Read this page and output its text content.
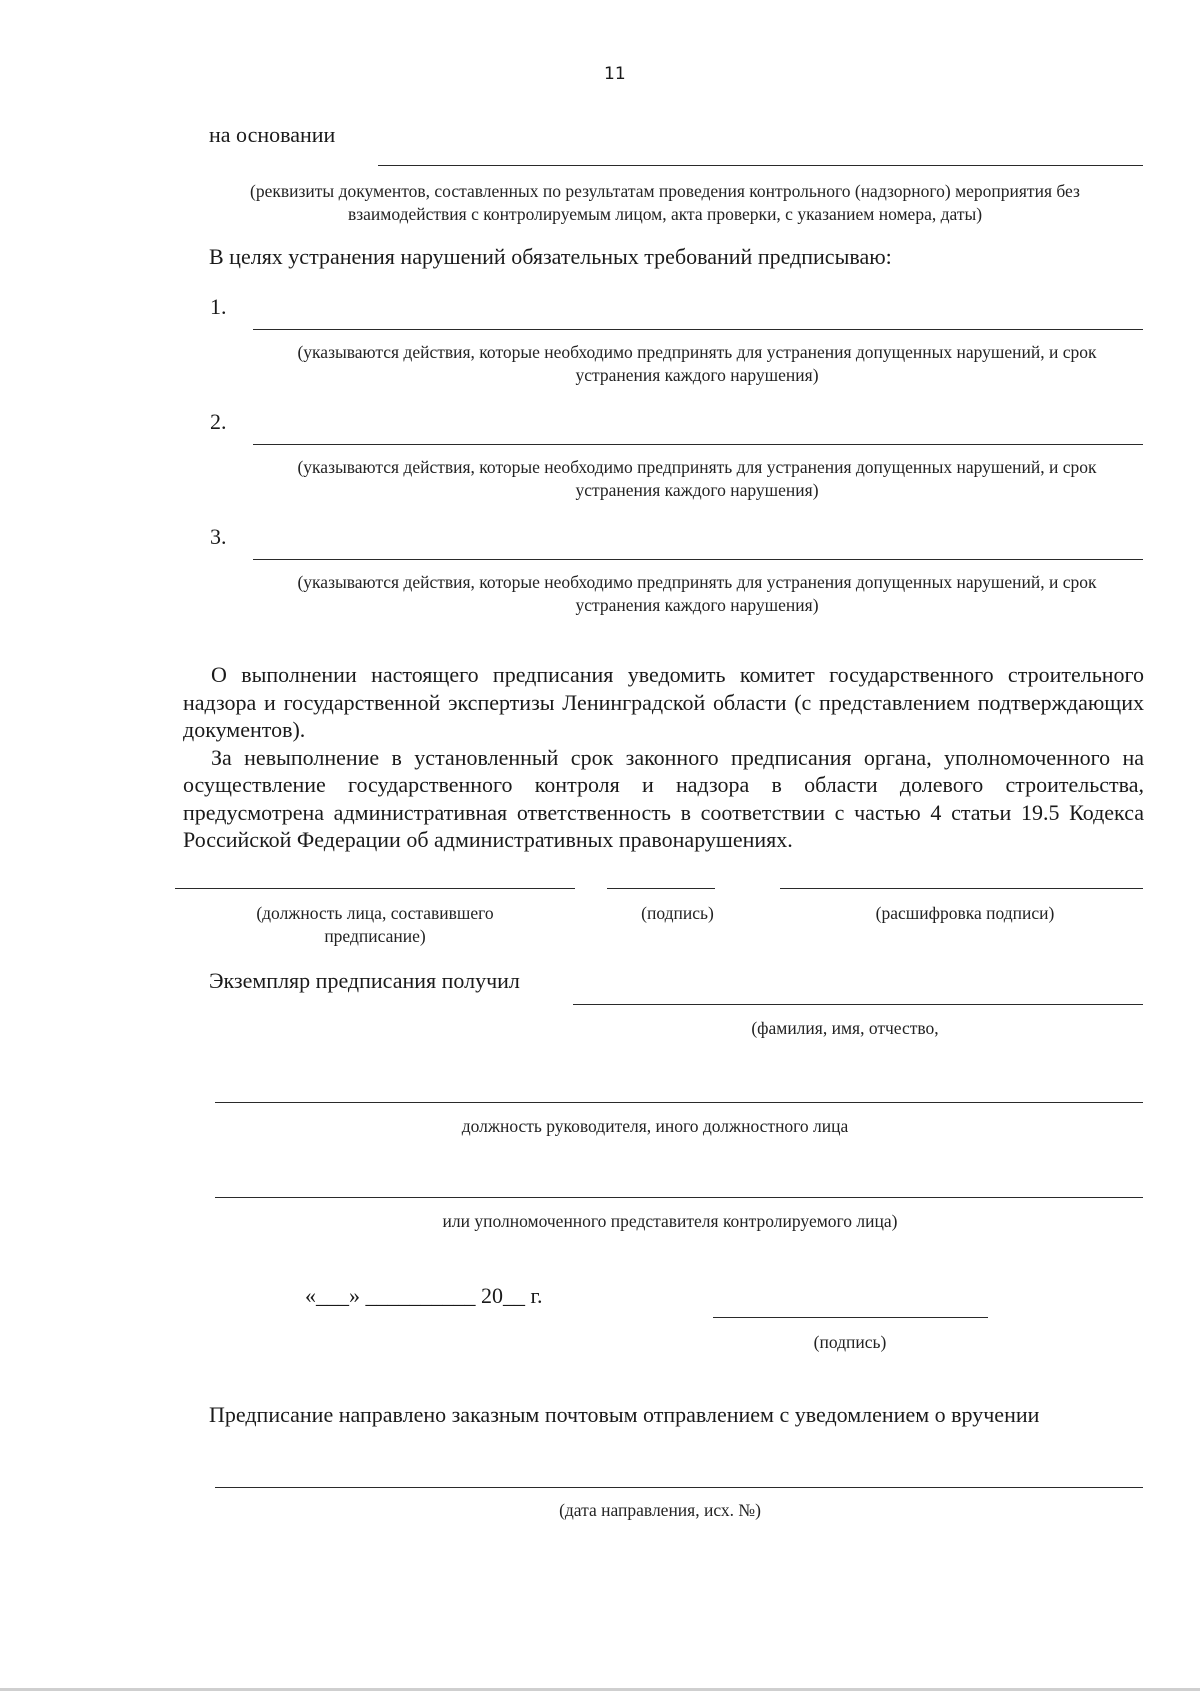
11
на основании
(реквизиты документов, составленных по результатам проведения контрольного (надзорного) мероприятия без взаимодействия с контролируемым лицом, акта проверки, с указанием номера, даты)
В целях устранения нарушений обязательных требований предписываю:
1.
(указываются действия, которые необходимо предпринять для устранения допущенных нарушений, и срок устранения каждого нарушения)
2.
(указываются действия, которые необходимо предпринять для устранения допущенных нарушений, и срок устранения каждого нарушения)
3.
(указываются действия, которые необходимо предпринять для устранения допущенных нарушений, и срок устранения каждого нарушения)

О выполнении настоящего предписания уведомить комитет государственного строительного надзора и государственной экспертизы Ленинградской области (с представлением подтверждающих документов).

За невыполнение в установленный срок законного предписания органа, уполномоченного на осуществление государственного контроля и надзора в области долевого строительства, предусмотрена административная ответственность в соответствии с частью 4 статьи 19.5 Кодекса Российской Федерации об административных правонарушениях.

(должность лица, составившего предписание)
(подпись)	(расшифровка подписи)
Экземпляр предписания получил
(фамилия, имя, отчество,
должность руководителя, иного должностного лица
или уполномоченного представителя контролируемого лица)
«___» __________ 20__ г.
(подпись)
Предписание направлено заказным почтовым отправлением с уведомлением о вручении
(дата направления, исх. №)
